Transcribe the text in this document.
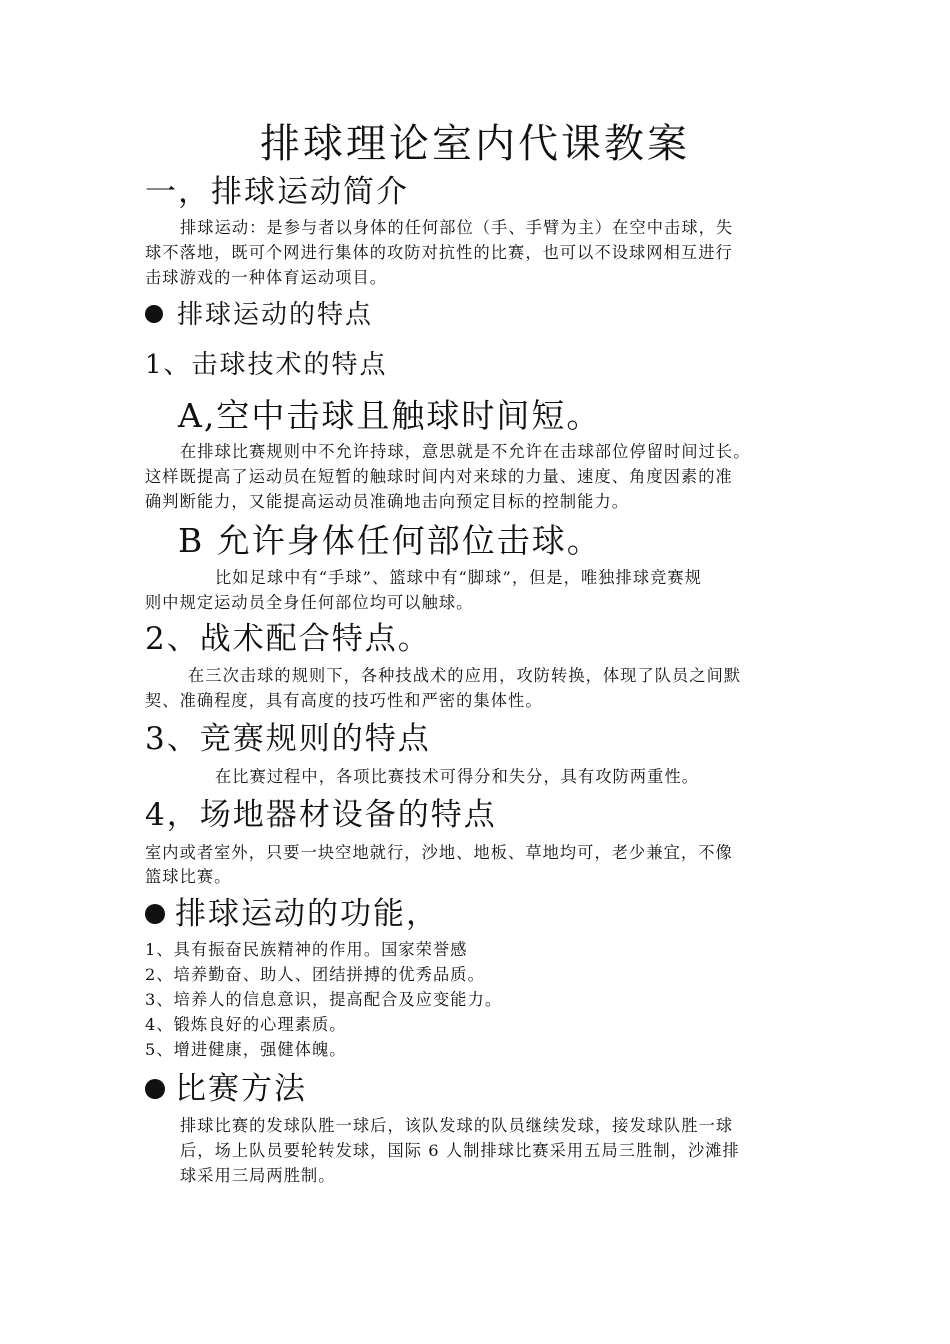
排球理论室内代课教案
一，排球运动简介
排球运动：是参与者以身体的任何部位（手、手臂为主）在空中击球，失
球不落地，既可个网进行集体的攻防对抗性的比赛，也可以不设球网相互进行
击球游戏的一种体育运动项目。
排球运动的特点
1、击球技术的特点
A,空中击球且触球时间短。
在排球比赛规则中不允许持球，意思就是不允许在击球部位停留时间过长。
这样既提高了运动员在短暂的触球时间内对来球的力量、速度、角度因素的准
确判断能力，又能提高运动员准确地击向预定目标的控制能力。
B 允许身体任何部位击球。
比如足球中有“手球”、篮球中有“脚球”，但是，唯独排球竞赛规
则中规定运动员全身任何部位均可以触球。
2、战术配合特点。
在三次击球的规则下，各种技战术的应用，攻防转换，体现了队员之间默
契、准确程度，具有高度的技巧性和严密的集体性。
3、竞赛规则的特点
在比赛过程中，各项比赛技术可得分和失分，具有攻防两重性。
4，场地器材设备的特点
室内或者室外，只要一块空地就行，沙地、地板、草地均可，老少兼宜，不像
篮球比赛。
排球运动的功能，
1、具有振奋民族精神的作用。国家荣誉感
2、培养勤奋、助人、团结拼搏的优秀品质。
3、培养人的信息意识，提高配合及应变能力。
4、锻炼良好的心理素质。
5、增进健康，强健体魄。
比赛方法
排球比赛的发球队胜一球后，该队发球的队员继续发球，接发球队胜一球
后，场上队员要轮转发球，国际 6 人制排球比赛采用五局三胜制，沙滩排
球采用三局两胜制。
